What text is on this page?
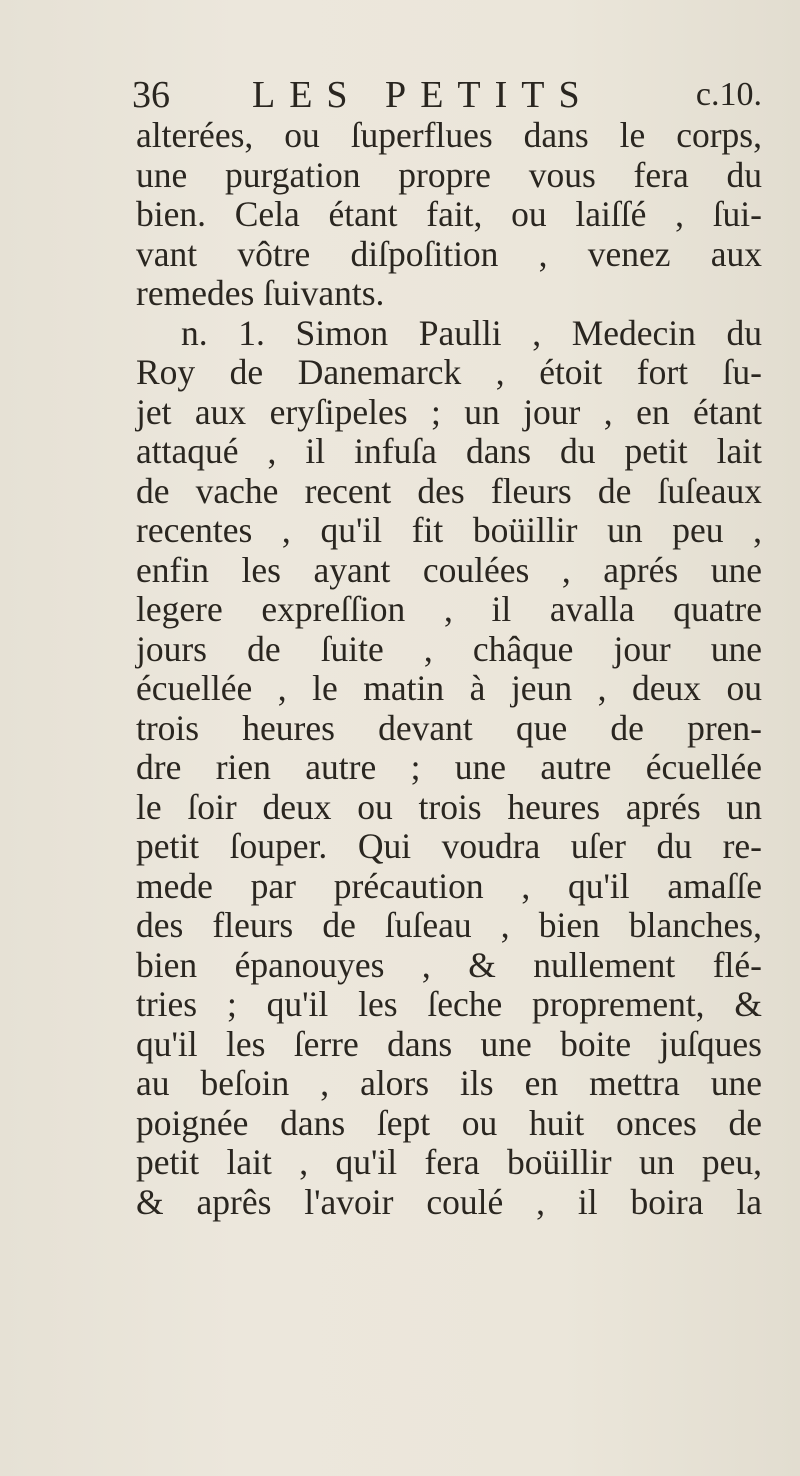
36 LES PETITS	c.10.
alterées, ou ſuperflues dans le corps,
une purgation propre vous fera du
bien. Cela étant fait, ou laiſſé , ſui-
vant vôtre diſpoſition , venez aux
remedes ſuivants.
n. 1. Simon Paulli , Medecin du
Roy de Danemarck , étoit fort ſu-
jet aux eryſipeles ; un jour , en étant
attaqué , il infuſa dans du petit lait
de vache recent des fleurs de ſuſeaux
recentes , qu'il fit boüillir un peu ,
enfin les ayant coulées , aprés une
legere expreſſion , il avalla quatre
jours de ſuite , châque jour une
écuellée , le matin à jeun , deux ou
trois heures devant que de pren-
dre rien autre ; une autre écuellée
le ſoir deux ou trois heures aprés un
petit ſouper. Qui voudra uſer du re-
mede par précaution , qu'il amaſſe
des fleurs de ſuſeau , bien blanches,
bien épanouyes , & nullement flé-
tries ; qu'il les ſeche proprement, &
qu'il les ſerre dans une boite juſques
au beſoin , alors ils en mettra une
poignée dans ſept ou huit onces de
petit lait , qu'il fera boüillir un peu,
& aprês l'avoir coulé , il boira la
